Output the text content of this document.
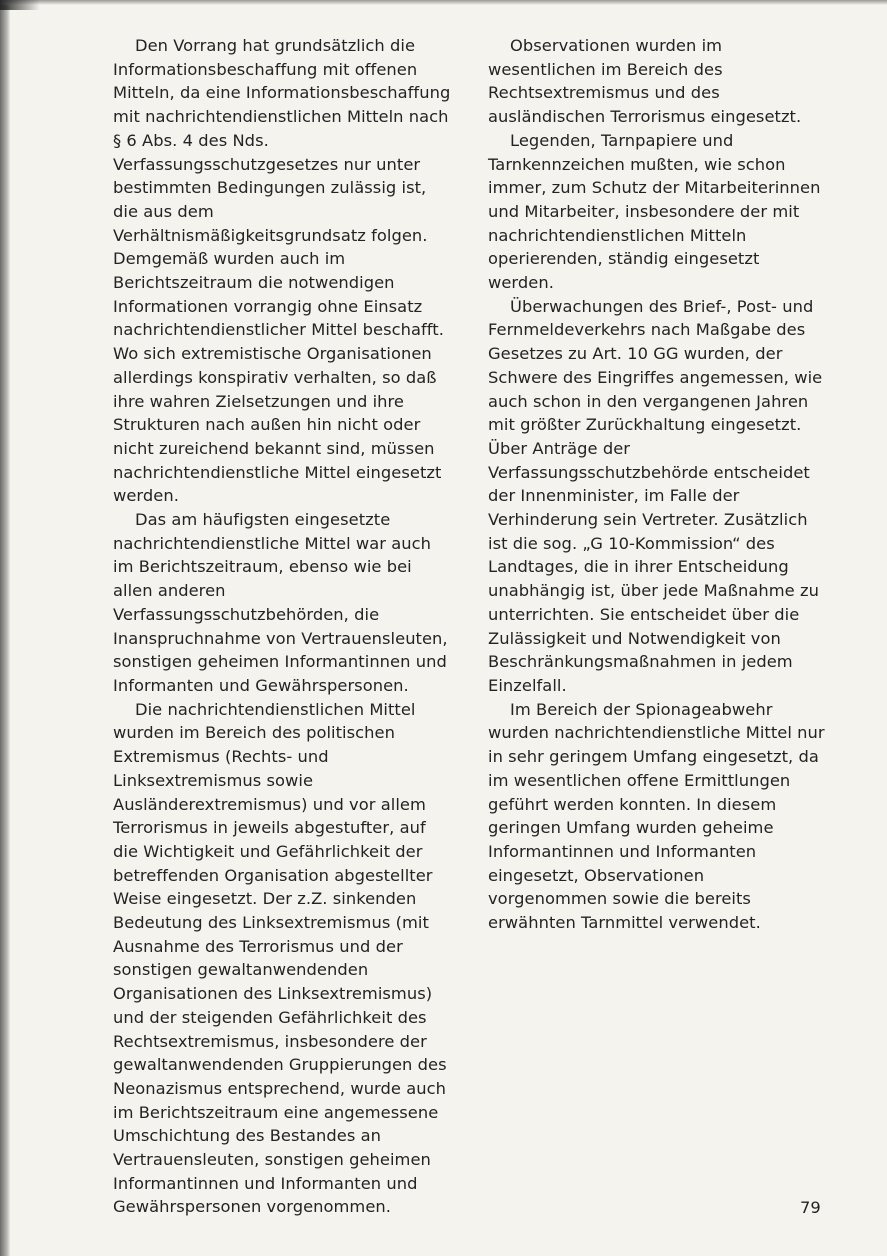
Den Vorrang hat grundsätzlich die Informationsbeschaffung mit offenen Mitteln, da eine Informationsbeschaffung mit nachrichtendienstlichen Mitteln nach § 6 Abs. 4 des Nds. Verfassungsschutzgesetzes nur unter bestimmten Bedingungen zulässig ist, die aus dem Verhältnismäßigkeitsgrundsatz folgen. Demgemäß wurden auch im Berichtszeitraum die notwendigen Informationen vorrangig ohne Einsatz nachrichtendienstlicher Mittel beschafft. Wo sich extremistische Organisationen allerdings konspirativ verhalten, so daß ihre wahren Zielsetzungen und ihre Strukturen nach außen hin nicht oder nicht zureichend bekannt sind, müssen nachrichtendienstliche Mittel eingesetzt werden.

Das am häufigsten eingesetzte nachrichtendienstliche Mittel war auch im Berichtszeitraum, ebenso wie bei allen anderen Verfassungsschutzbehörden, die Inanspruchnahme von Vertrauensleuten, sonstigen geheimen Informantinnen und Informanten und Gewährspersonen.

Die nachrichtendienstlichen Mittel wurden im Bereich des politischen Extremismus (Rechts- und Linksextremismus sowie Ausländerextremismus) und vor allem Terrorismus in jeweils abgestufter, auf die Wichtigkeit und Gefährlichkeit der betreffenden Organisation abgestellter Weise eingesetzt. Der z.Z. sinkenden Bedeutung des Linksextremismus (mit Ausnahme des Terrorismus und der sonstigen gewaltanwendenden Organisationen des Linksextremismus) und der steigenden Gefährlichkeit des Rechtsextremismus, insbesondere der gewaltanwendenden Gruppierungen des Neonazismus entsprechend, wurde auch im Berichtszeitraum eine angemessene Umschichtung des Bestandes an Vertrauensleuten, sonstigen geheimen Informantinnen und Informanten und Gewährspersonen vorgenommen.

Observationen wurden im wesentlichen im Bereich des Rechtsextremismus und des ausländischen Terrorismus eingesetzt.

Legenden, Tarnpapiere und Tarnkennzeichen mußten, wie schon immer, zum Schutz der Mitarbeiterinnen und Mitarbeiter, insbesondere der mit nachrichtendienstlichen Mitteln operierenden, ständig eingesetzt werden.

Überwachungen des Brief-, Post- und Fernmeldeverkehrs nach Maßgabe des Gesetzes zu Art. 10 GG wurden, der Schwere des Eingriffes angemessen, wie auch schon in den vergangenen Jahren mit größter Zurückhaltung eingesetzt. Über Anträge der Verfassungsschutzbehörde entscheidet der Innenminister, im Falle der Verhinderung sein Vertreter. Zusätzlich ist die sog. „G 10-Kommission“ des Landtages, die in ihrer Entscheidung unabhängig ist, über jede Maßnahme zu unterrichten. Sie entscheidet über die Zulässigkeit und Notwendigkeit von Beschränkungsmaßnahmen in jedem Einzelfall.

Im Bereich der Spionageabwehr wurden nachrichtendienstliche Mittel nur in sehr geringem Umfang eingesetzt, da im wesentlichen offene Ermittlungen geführt werden konnten. In diesem geringen Umfang wurden geheime Informantinnen und Informanten eingesetzt, Observationen vorgenommen sowie die bereits erwähnten Tarnmittel verwendet.

79
